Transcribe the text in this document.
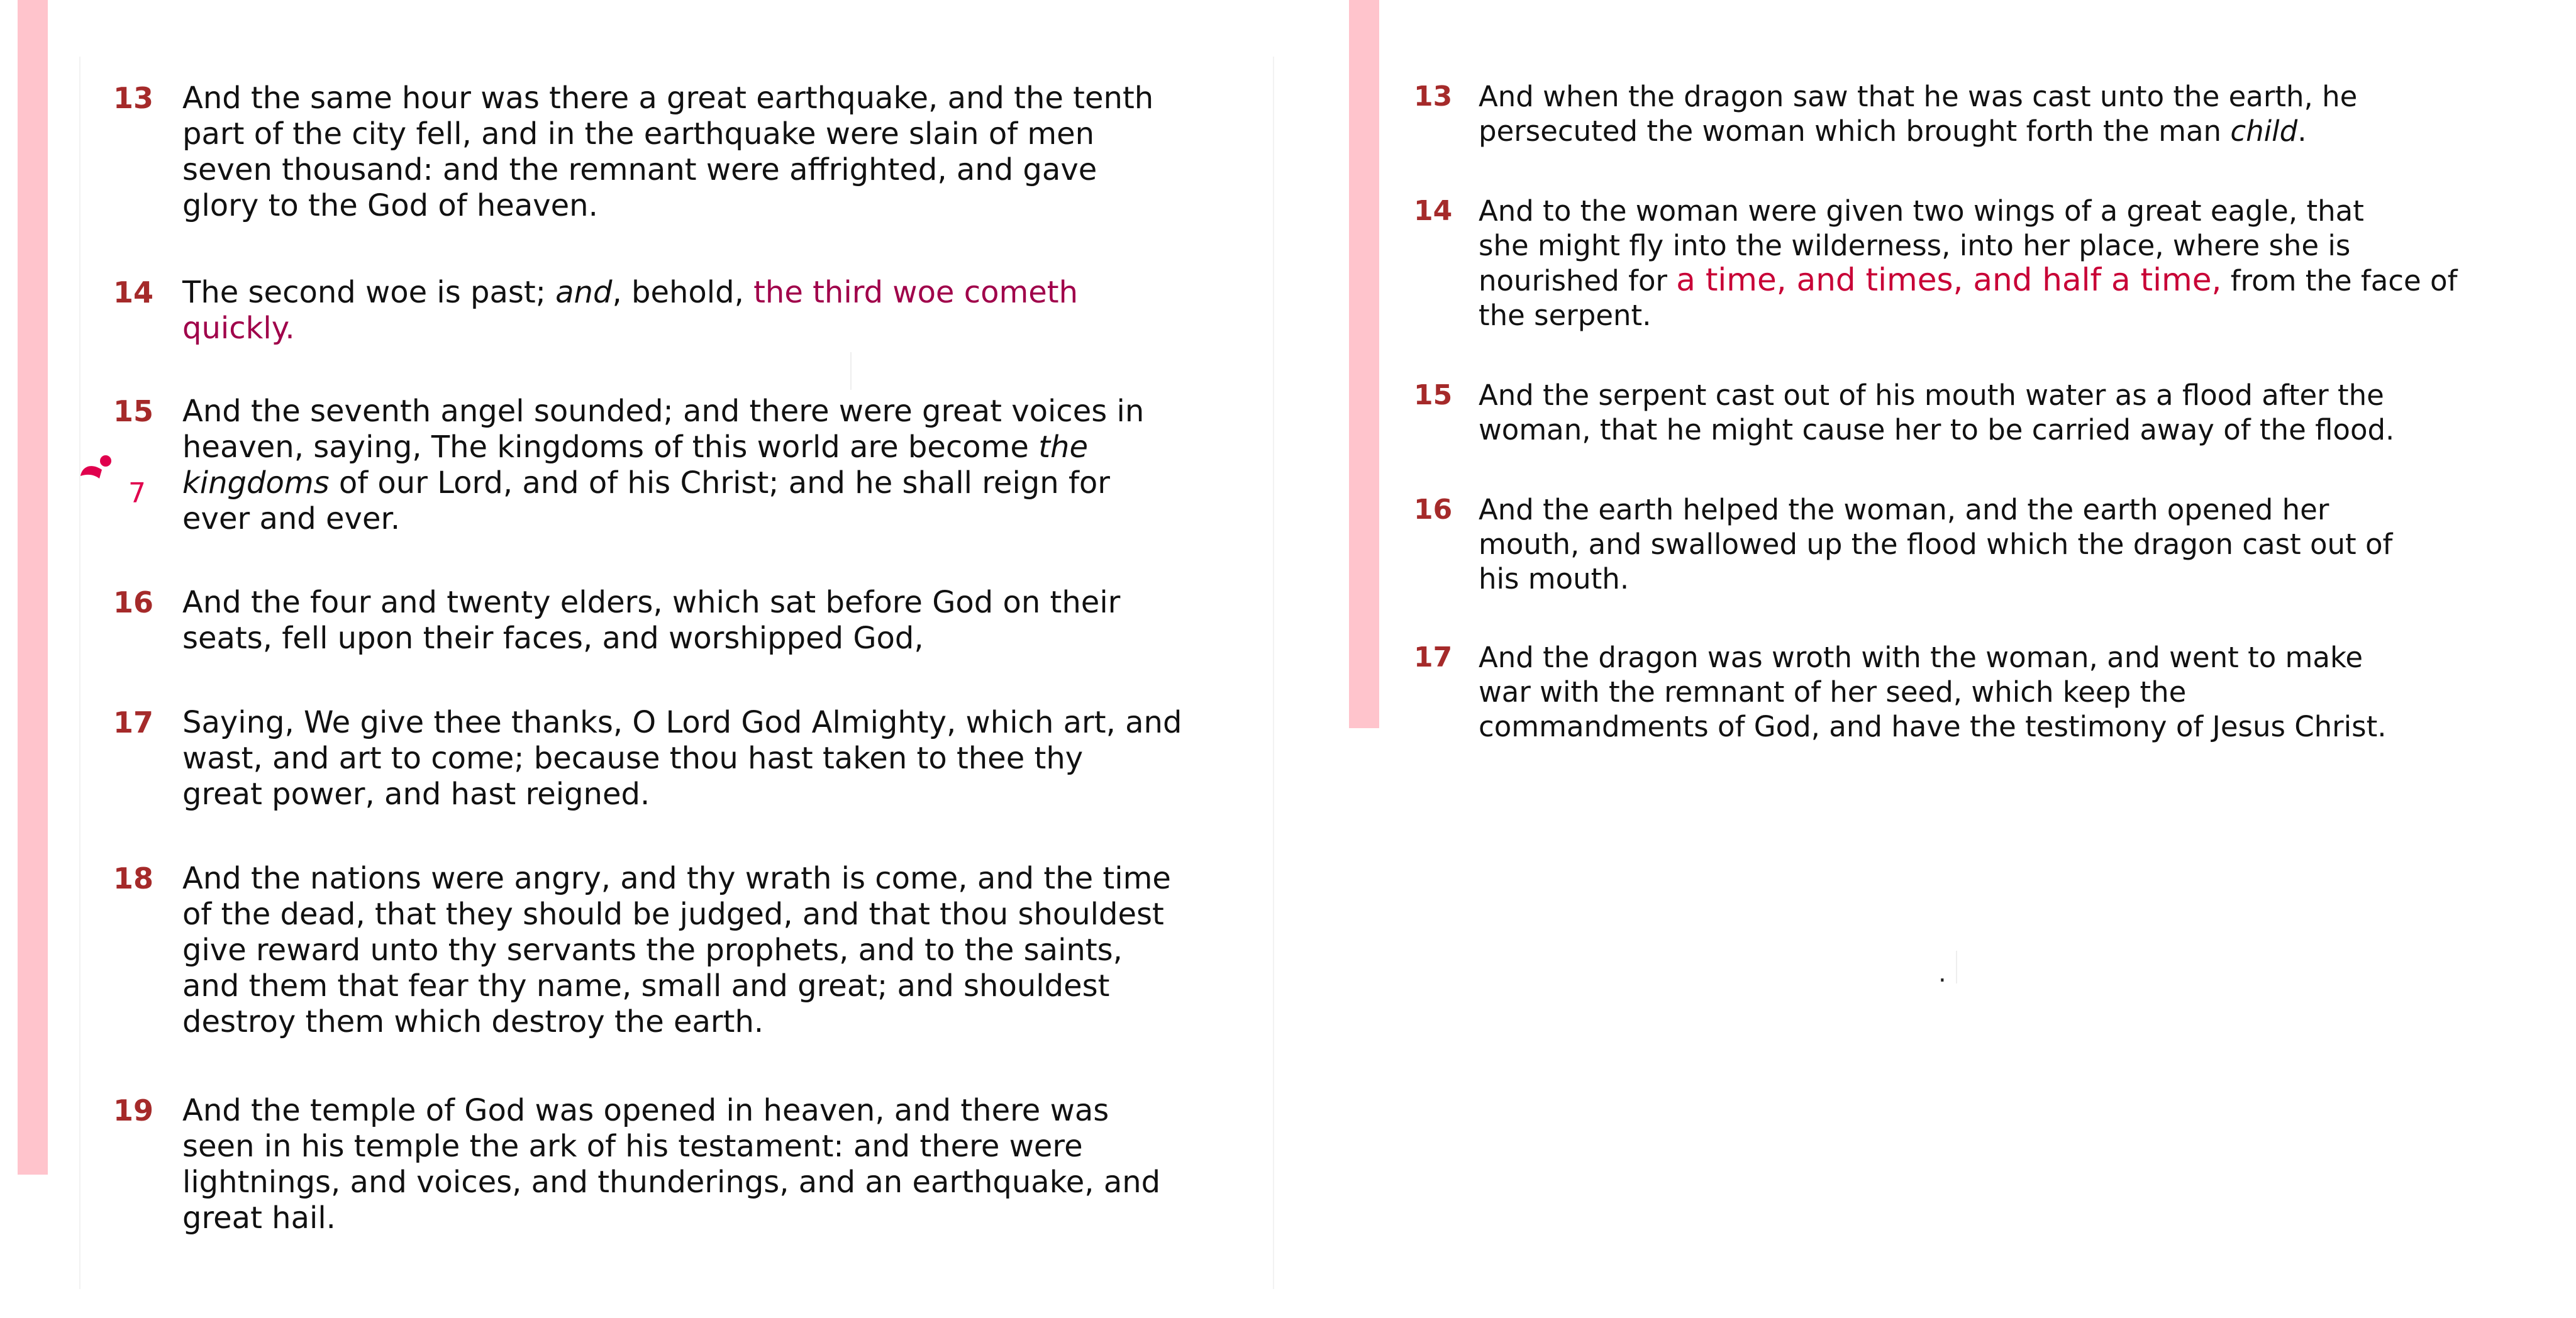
13 And the same hour was there a great earthquake, and the tenth
part of the city fell, and in the earthquake were slain of men
seven thousand: and the remnant were affrighted, and gave
glory to the God of heaven.
14 The second woe is past; and, behold, the third woe cometh
quickly.
15 And the seventh angel sounded; and there were great voices in
heaven, saying, The kingdoms of this world are become the
kingdoms of our Lord, and of his Christ; and he shall reign for
ever and ever.
16 And the four and twenty elders, which sat before God on their
seats, fell upon their faces, and worshipped God,
17 Saying, We give thee thanks, O Lord God Almighty, which art, and
wast, and art to come; because thou hast taken to thee thy
great power, and hast reigned.
18 And the nations were angry, and thy wrath is come, and the time
of the dead, that they should be judged, and that thou shouldest
give reward unto thy servants the prophets, and to the saints,
and them that fear thy name, small and great; and shouldest
destroy them which destroy the earth.
19 And the temple of God was opened in heaven, and there was
seen in his temple the ark of his testament: and there were
lightnings, and voices, and thunderings, and an earthquake, and
great hail.
7
13 And when the dragon saw that he was cast unto the earth, he
persecuted the woman which brought forth the man child.
14 And to the woman were given two wings of a great eagle, that
she might fly into the wilderness, into her place, where she is
nourished for a time, and times, and half a time, from the face of
the serpent.
15 And the serpent cast out of his mouth water as a flood after the
woman, that he might cause her to be carried away of the flood.
16 And the earth helped the woman, and the earth opened her
mouth, and swallowed up the flood which the dragon cast out of
his mouth.
17 And the dragon was wroth with the woman, and went to make
war with the remnant of her seed, which keep the
commandments of God, and have the testimony of Jesus Christ.
.
